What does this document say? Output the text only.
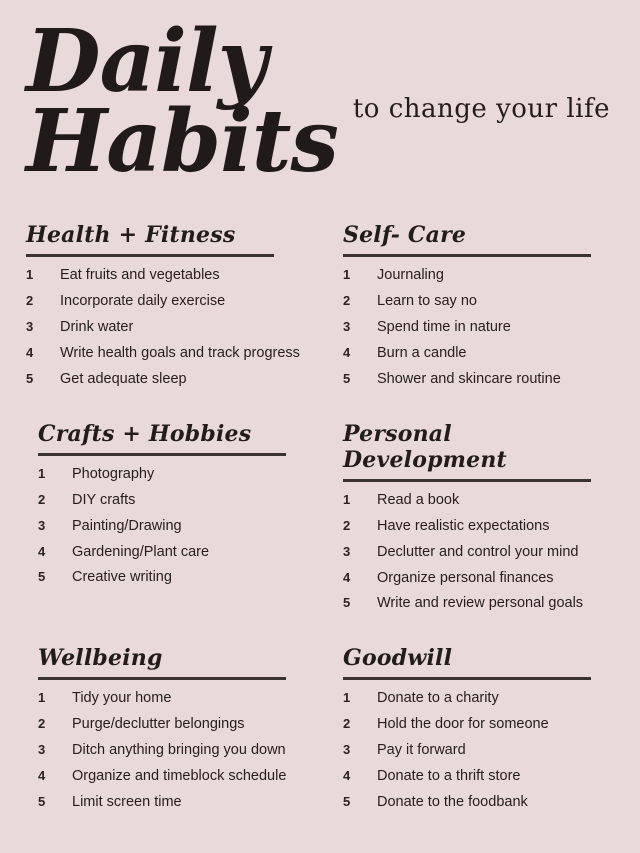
Daily
Habits to change your life
Health + Fitness
1	Eat fruits and vegetables
2	Incorporate daily exercise
3	Drink water
4	Write health goals and track progress
5	Get adequate sleep
Self- Care
1	Journaling
2	Learn to say no
3	Spend time in nature
4	Burn a candle
5	Shower and skincare routine
Crafts + Hobbies
1	Photography
2	DIY crafts
3	Painting/Drawing
4	Gardening/Plant care
5	Creative writing
Personal Development
1	Read a book
2	Have realistic expectations
3	Declutter and control your mind
4	Organize personal finances
5	Write and review personal goals
Wellbeing
1	Tidy your home
2	Purge/declutter belongings
3	Ditch anything bringing you down
4	Organize and timeblock schedule
5	Limit screen time
Goodwill
1	Donate to a charity
2	Hold the door for someone
3	Pay it forward
4	Donate to a thrift store
5	Donate to the foodbank
